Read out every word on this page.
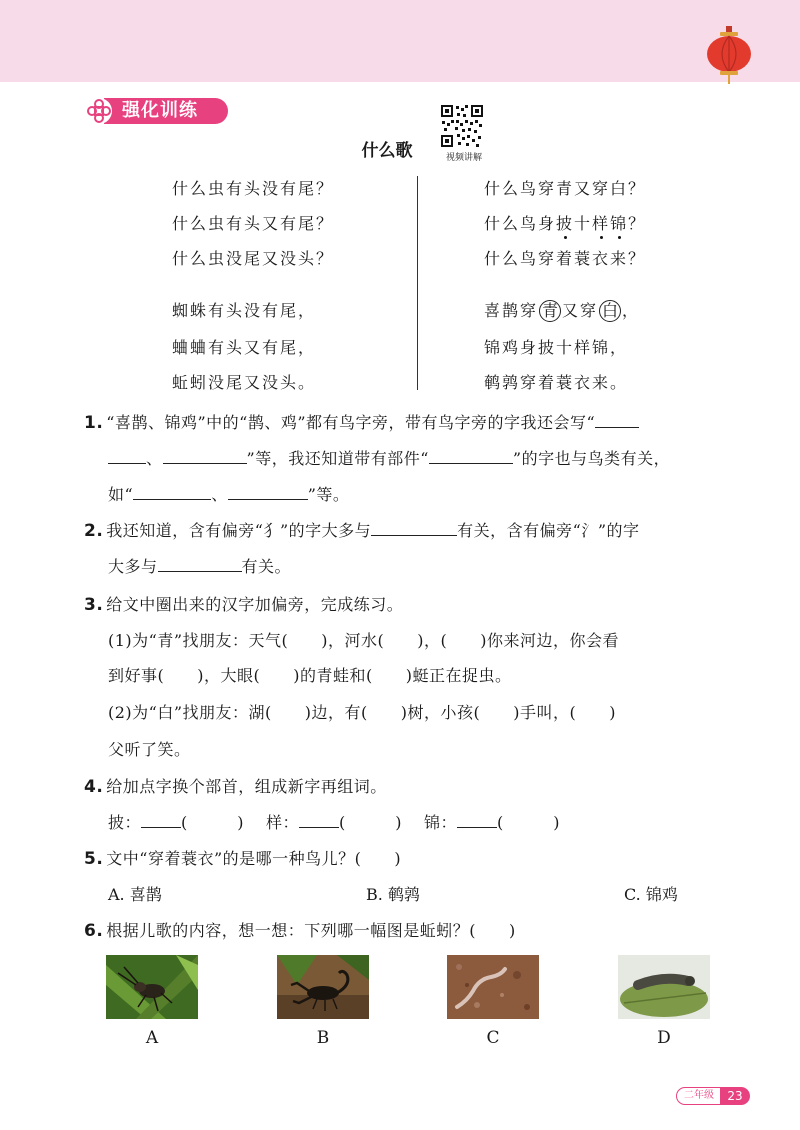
强化训练
视频讲解
什么歌
什么虫有头没有尾？
什么虫有头又有尾？
什么虫没尾又没头？
蜘蛛有头没有尾，
蛐蛐有头又有尾，
蚯蚓没尾又没头。
什么鸟穿青又穿白？
什么鸟身披十样锦？
什么鸟穿着蓑衣来？
喜鹊穿 青 又穿 白 ，
锦鸡身披十样锦，
鹌鹑穿着蓑衣来。
1. “喜鹊、锦鸡”中的“鹊、鸡”都有鸟字旁，带有鸟字旁的字我还会写“
、	”等，我还知道带有部件“	”的字也与鸟类有关，
如“	、	”等。
2. 我还知道，含有偏旁“犭”的字大多与	有关，含有偏旁“氵”的字
大多与	有关。
3. 给文中圈出来的汉字加偏旁，完成练习。
(1)为“青”找朋友：天气(　　)，河水(　　)，(　　)你来河边，你会看
到好事(　　)，大眼(　　)的青蛙和(　　)蜓正在捉虫。
(2)为“白”找朋友：湖(　　)边，有(　　)树，小孩(　　)手叫，(　　)
父听了笑。
4. 给加点字换个部首，组成新字再组词。
披：	(　　　) 样：	(　　　) 锦：	(　　　)
5. 文中“穿着蓑衣”的是哪一种鸟儿？(　　)
A. 喜鹊	B. 鹌鹑	C. 锦鸡
6. 根据儿歌的内容，想一想：下列哪一幅图是蚯蚓？(　　)
A	B	C	D
二年级	23
